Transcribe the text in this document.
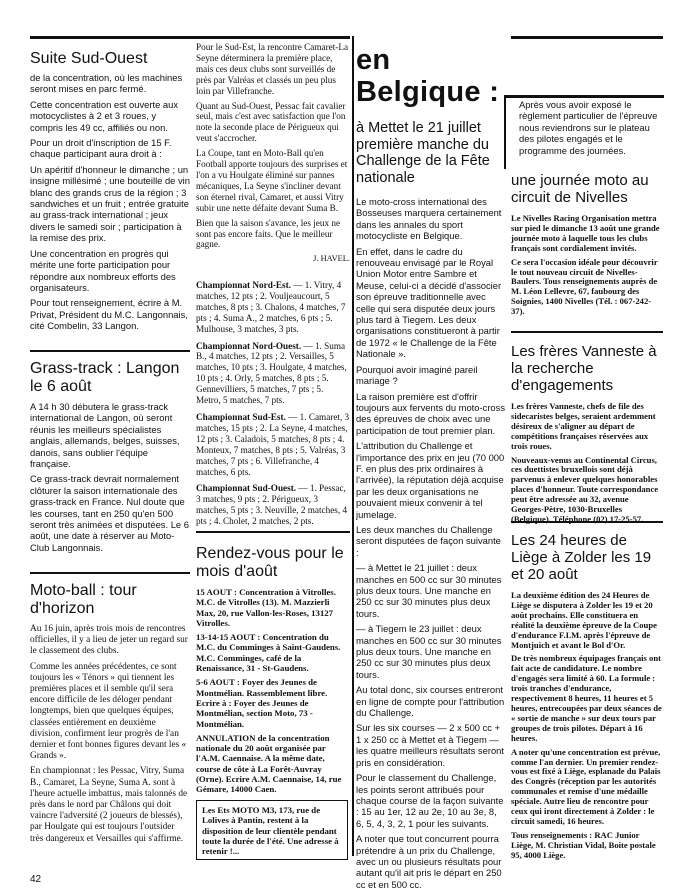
Suite Sud-Ouest

de la concentration, où les machines seront mises en parc fermé.

Cette concentration est ouverte aux motocyclistes à 2 et 3 roues, y compris les 49 cc, affiliés ou non.

Pour un droit d'inscription de 15 F. chaque participant aura droit à :

Un apéritif d'honneur le dimanche ; un insigne millésimé ; une bouteille de vin blanc des grands crus de la région ; 3 sandwiches et un fruit ; entrée gratuite au grass-track international ; jeux divers le samedi soir ; participation à la remise des prix.

Une concentration en progrès qui mérite une forte participation pour répondre aux nombreux efforts des organisateurs.

Pour tout renseignement, écrire à M. Privat, Président du M.C. Langonnais, cité Combelin, 33 Langon.

Grass-track : Langon le 6 août

A 14 h 30 débutera le grass-track international de Langon, où seront réunis les meilleurs spécialistes anglais, allemands, belges, suisses, danois, sans oublier l'équipe française.

Ce grass-track devrait normalement clôturer la saison internationale des grass-track en France. Nul doute que les courses, tant en 250 qu'en 500 seront très animées et disputées. Le 6 août, une date à réserver au Moto-Club Langonnais.

Moto-ball : tour d'horizon

Au 16 juin, après trois mois de rencontres officielles, il y a lieu de jeter un regard sur le classement des clubs.

Comme les années précédentes, ce sont toujours les « Ténors » qui tiennent les premières places et il semble qu'il sera encore difficile de les déloger pendant longtemps, bien que quelques équipes, classées entièrement en deuxième division, confirment leur progrès de l'an dernier et font bonnes figures devant les « Grands ».

En championnat : les Pessac, Vitry, Suma B., Camaret, La Seyne, Suma A. sont à l'heure actuelle imbattus, mais talonnés de près dans le nord par Châlons qui doit vaincre l'adversité (2 joueurs de blessés), par Houlgate qui est toujours l'outsider très dangereux et Versailles qui s'affirme.

Pour le Sud-Est, la rencontre Camaret-La Seyne déterminera la première place, mais ces deux clubs sont surveillés de près par Valréas et classés un peu plus loin par Villefranche.

Quant au Sud-Ouest, Pessac fait cavalier seul, mais c'est avec satisfaction que l'on note la seconde place de Périgueux qui veut s'accrocher.

La Coupe, tant en Moto-Ball qu'en Football apporte toujours des surprises et l'on a vu Houlgate éliminé sur pannes mécaniques, La Seyne s'incliner devant son éternel rival, Camaret, et aussi Vitry subir une nette défaite devant Suma B.

Bien que la saison s'avance, les jeux ne sont pas encore faits. Que le meilleur gagne.

J. HAVEL.

Championnat Nord-Est. — 1. Vitry, 4 matches, 12 pts ; 2. Vouljeaucourt, 5 matches, 8 pts ; 3. Chalons, 4 matches, 7 pts ; 4. Suma A., 2 matches, 6 pts ; 5. Mulhouse, 3 matches, 3 pts.

Championnat Nord-Ouest. — 1. Suma B., 4 matches, 12 pts ; 2. Versailles, 5 matches, 10 pts ; 3. Houlgate, 4 matches, 10 pts ; 4. Orly, 5 matches, 8 pts ; 5. Gennevilliers, 5 matches, 7 pts ; 5. Metro, 5 matches, 7 pts.

Championnat Sud-Est. — 1. Camaret, 3 matches, 15 pts ; 2. La Seyne, 4 matches, 12 pts ; 3. Caladois, 5 matches, 8 pts ; 4. Monteux, 7 matches, 8 pts ; 5. Valréas, 3 matches, 7 pts ; 6. Villefranche, 4 matches, 6 pts.

Championnat Sud-Ouest. — 1. Pessac, 3 matches, 9 pts ; 2. Périgueux, 3 matches, 5 pts ; 3. Neuville, 2 matches, 4 pts ; 4. Cholet, 2 matches, 2 pts.

Rendez-vous pour le mois d'août

15 AOUT : Concentration à Vitrolles. M.C. de Vitrolles (13). M. Mazzierli Max, 20, rue Vallon-les-Roses, 13127 Vitrolles.

13-14-15 AOUT : Concentration du M.C. du Comminges à Saint-Gaudens. M.C. Comminges, café de la Renaissance, 31 - St-Gaudens.

5-6 AOUT : Foyer des Jeunes de Montmélian. Rassemblement libre. Ecrire à : Foyer des Jeunes de Montmélian, section Moto, 73 - Montmélian.

ANNULATION de la concentration nationale du 20 août organisée par l'A.M. Caennaise. A la même date, course de côte à La Forêt-Auvray (Orne). Ecrire A.M. Caennaise, 14, rue Gémare, 14000 Caen.

Les Ets MOTO M3, 173, rue de Lolives à Pantin, restent à la disposition de leur clientèle pendant toute la durée de l'été. Une adresse à retenir !...

en Belgique :
à Mettet le 21 juillet première manche du Challenge de la Fête nationale

Le moto-cross international des Bosseuses marquera certainement dans les annales du sport motocycliste en Belgique.

En effet, dans le cadre du renouveau envisagé par le Royal Union Motor entre Sambre et Meuse, celui-ci a décidé d'associer son épreuve traditionnelle avec celle qui sera disputée deux jours plus tard à Tiegem. Les deux organisations constitueront à partir de 1972 « le Challenge de la Fête Nationale ».

Pourquoi avoir imaginé pareil mariage ?

La raison première est d'offrir toujours aux fervents du moto-cross des épreuves de choix avec une participation de tout premier plan.

L'attribution du Challenge et l'importance des prix en jeu (70 000 F. en plus des prix ordinaires à l'arrivée), la réputation déjà acquise par les deux organisations ne pouvaient mieux convenir à tel jumelage.

Les deux manches du Challenge seront disputées de façon suivante :

— à Mettet le 21 juillet : deux manches en 500 cc sur 30 minutes plus deux tours. Une manche en 250 cc sur 30 minutes plus deux tours.

— à Tiegem le 23 juillet : deux manches en 500 cc sur 30 minutes plus deux tours. Une manche en 250 cc sur 30 minutes plus deux tours.

Au total donc, six courses entreront en ligne de compte pour l'attribution du Challenge.

Sur les six courses — 2 x 500 cc + 1 x 250 cc à Mettet et à Tiegem — les quatre meilleurs résultats seront pris en considération.

Pour le classement du Challenge, les points seront attribués pour chaque course de la façon suivante : 15 au 1er, 12 au 2e, 10 au 3e, 8, 6, 5, 4, 3, 2, 1 pour les suivants.

A noter que tout concurrent pourra prétendre à un prix du Challenge, avec un ou plusieurs résultats pour autant qu'il ait pris le départ en 250 cc et en 500 cc.

Après vous avoir exposé le règlement particulier de l'épreuve nous reviendrons sur le plateau des pilotes engagés et le programme des journées.

une journée moto au circuit de Nivelles

Le Nivelles Racing Organisation mettra sur pied le dimanche 13 août une grande journée moto à laquelle tous les clubs français sont cordialement invités.

Ce sera l'occasion idéale pour découvrir le tout nouveau circuit de Nivelles-Baulers. Tous renseignements auprès de M. Léon Lellevre, 67, faubourg des Soignies, 1400 Nivelles (Tél. : 067-242-37).

Les frères Vanneste à la recherche d'engagements

Les frères Vanneste, chefs de file des sidecaristes belges, seraient ardemment désireux de s'aligner au départ de compétitions françaises réservées aux trois roues.

Nouveaux-venus au Continental Circus, ces duettistes bruxellois sont déjà parvenus à enlever quelques honorables places d'honneur. Toute correspondance peut être adressée au 32, avenue Georges-Pètre, 1030-Bruxelles (Belgique). Téléphone (02) 17-25-57.

Les 24 heures de Liège à Zolder les 19 et 20 août

La deuxième édition des 24 Heures de Liège se disputera à Zolder les 19 et 20 août prochains. Elle constituera en réalité la deuxième épreuve de la Coupe d'endurance F.I.M. après l'épreuve de Montjuich et avant le Bol d'Or.

De très nombreux équipages français ont fait acte de candidature. Le nombre d'engagés sera limité à 60. La formule : trois tranches d'endurance, respectivement 8 heures, 11 heures et 5 heures, entrecoupées par deux séances de « sortie de manche » sur deux tours par groupes de trois pilotes. Départ à 16 heures.

A noter qu'une concentration est prévue, comme l'an dernier. Un premier rendez-vous est fixé à Liège, esplanade du Palais des Congrès (réception par les autorités communales et remise d'une médaille spéciale. Autre lieu de rencontre pour ceux qui iront directement à Zolder : le circuit samedi, 16 heures.

Tous renseignements : RAC Junior Liège, M. Christian Vidal, Boite postale 95, 4000 Liège.

42
